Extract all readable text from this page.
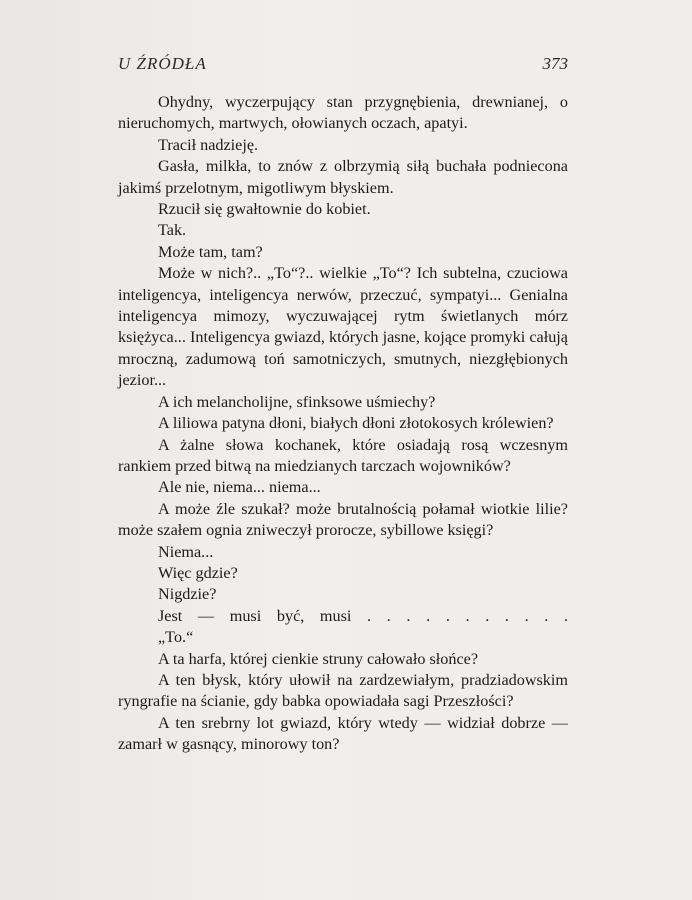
U ŹRÓDŁA	373
Ohydny, wyczerpujący stan przygnębienia, drewnianej, o nieruchomych, martwych, ołowianych oczach, apatyi.
Tracił nadzieję.
Gasła, milkła, to znów z olbrzymią siłą buchała podniecona jakimś przelotnym, migotliwym błyskiem.
Rzucił się gwałtownie do kobiet.
Tak.
Może tam, tam?
Może w nich?.. „To“?.. wielkie „To“? Ich subtelna, czuciowa inteligencya, inteligencya nerwów, przeczuć, sympatyi... Genialna inteligencya mimozy, wyczuwającej rytm świetlanych mórz księżyca... Inteligencya gwiazd, których jasne, kojące promyki całują mroczną, zadumową toń samotniczych, smutnych, niezgłębionych jezior...
A ich melancholijne, sfinksowe uśmiechy?
A liliowa patyna dłoni, białych dłoni złotokosych królewien?
A żalne słowa kochanek, które osiadają rosą wczesnym rankiem przed bitwą na miedzianych tarczach wojowników?
Ale nie, niema... niema...
A może źle szukał? może brutalnością połamał wiotkie lilie? może szałem ognia zniweczył prorocze, sybillowe księgi?
Niema...
Więc gdzie?
Nigdzie?
Jest — musi być, musi . . . . . . . . . . .
„To.“
A ta harfa, której cienkie struny całowało słońce?
A ten błysk, który ułowił na zardzewiałym, pradziadowskim ryngrafie na ścianie, gdy babka opowiadała sagi Przeszłości?
A ten srebrny lot gwiazd, który wtedy — widział dobrze — zamarł w gasnący, minorowy ton?
